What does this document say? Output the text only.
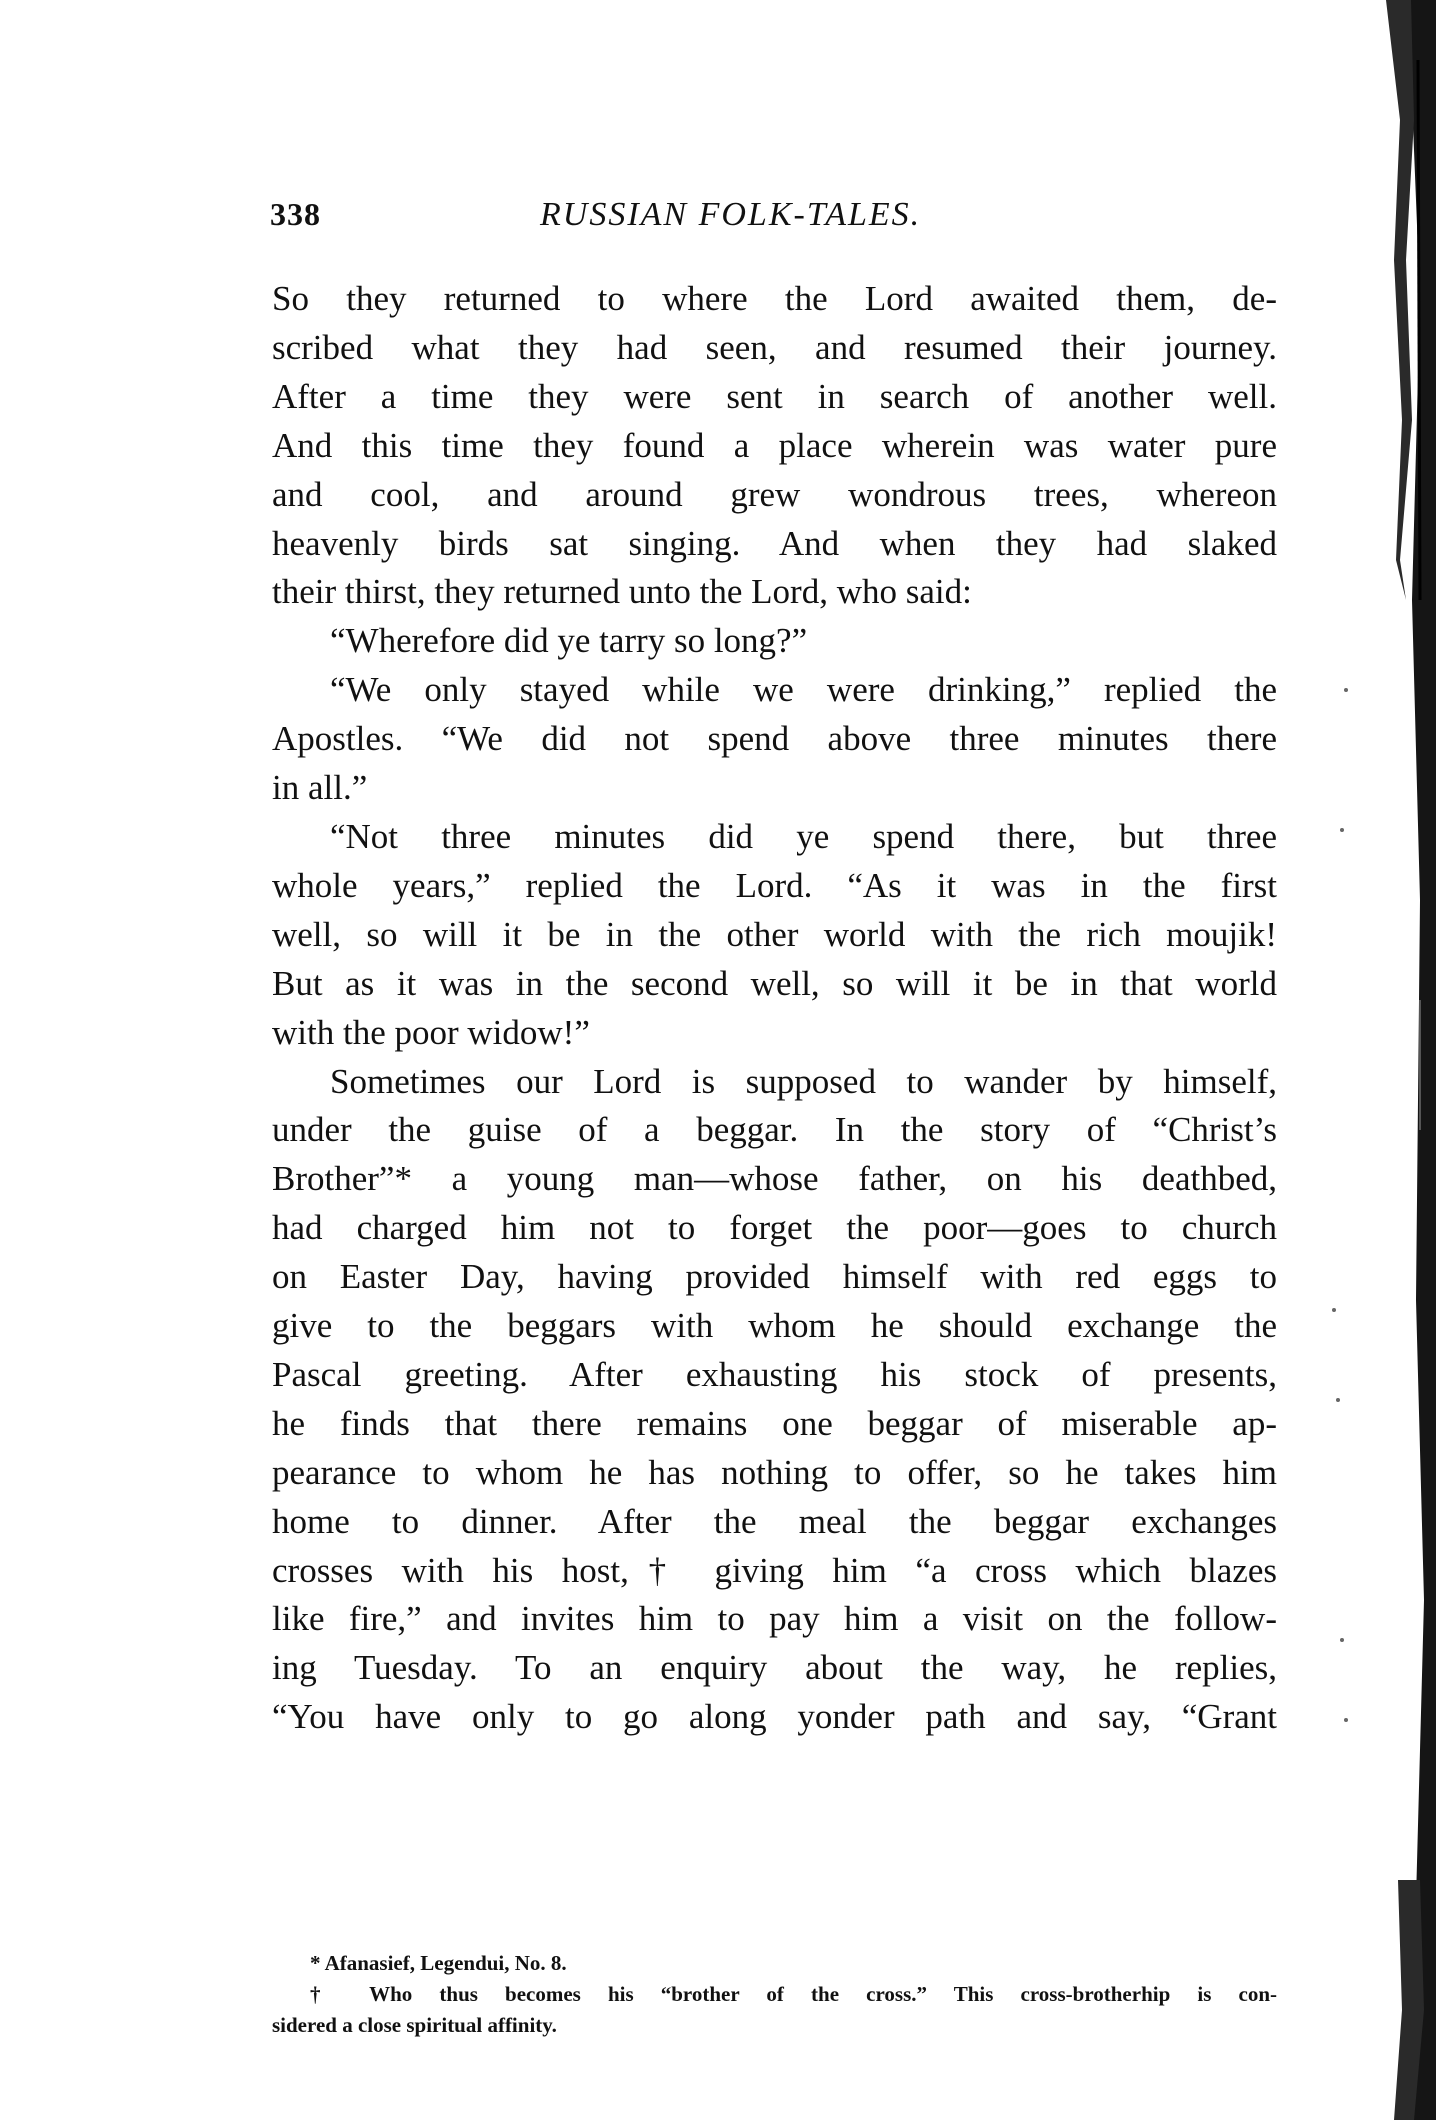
338	RUSSIAN FOLK-TALES.
So they returned to where the Lord awaited them, de-
scribed what they had seen, and resumed their journey.
After a time they were sent in search of another well.
And this time they found a place wherein was water pure
and cool, and around grew wondrous trees, whereon
heavenly birds sat singing. And when they had slaked
their thirst, they returned unto the Lord, who said:
“Wherefore did ye tarry so long?”
“We only stayed while we were drinking,” replied the
Apostles. “We did not spend above three minutes there
in all.”
“Not three minutes did ye spend there, but three
whole years,” replied the Lord. “As it was in the first
well, so will it be in the other world with the rich moujik!
But as it was in the second well, so will it be in that world
with the poor widow!”
Sometimes our Lord is supposed to wander by himself,
under the guise of a beggar. In the story of “Christ’s
Brother”* a young man—whose father, on his deathbed,
had charged him not to forget the poor—goes to church
on Easter Day, having provided himself with red eggs to
give to the beggars with whom he should exchange the
Pascal greeting. After exhausting his stock of presents,
he finds that there remains one beggar of miserable ap-
pearance to whom he has nothing to offer, so he takes him
home to dinner. After the meal the beggar exchanges
crosses with his host,† giving him “a cross which blazes
like fire,” and invites him to pay him a visit on the follow-
ing Tuesday. To an enquiry about the way, he replies,
“You have only to go along yonder path and say, “Grant
* Afanasief, Legendui, No. 8.
† Who thus becomes his “brother of the cross.” This cross-brotherhip is con-
sidered a close spiritual affinity.
